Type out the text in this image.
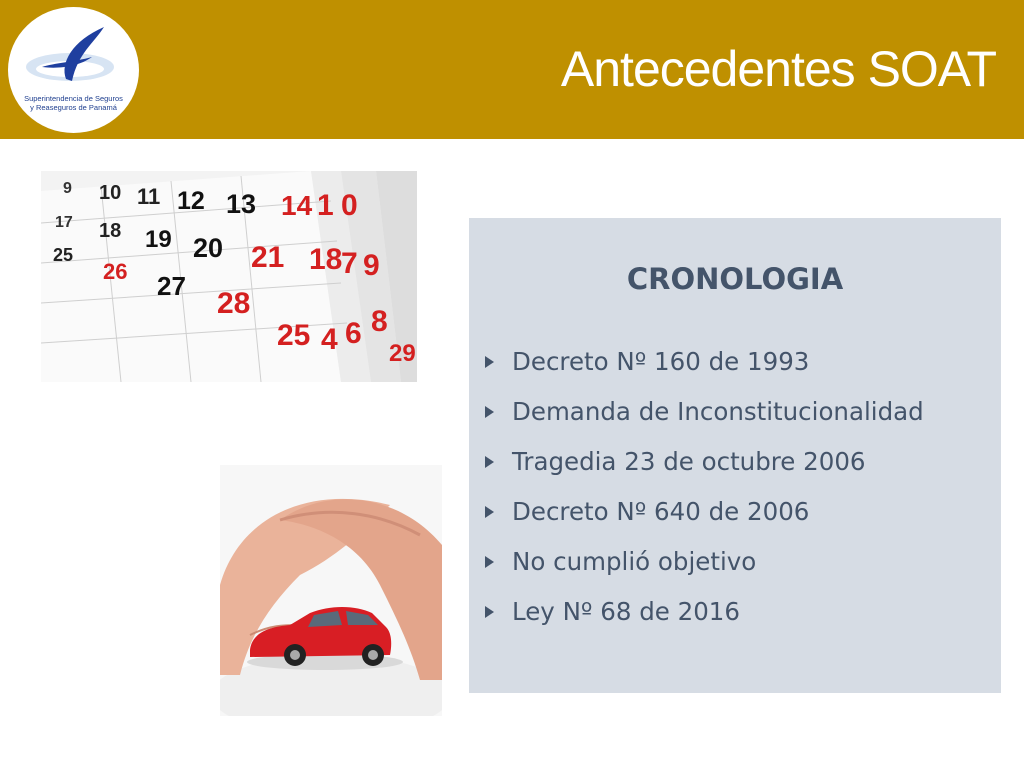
Superintendencia de Seguros
y Reaseguros de Panamá
Antecedentes SOAT
9 10 11 12 13 14
17 18 19 20 21
25
26 27
28
29
18
7 9
25 4 6 8
1 0
CRONOLOGIA
Decreto Nº 160 de 1993
Demanda de Inconstitucionalidad
Tragedia 23 de octubre 2006
Decreto Nº 640 de 2006
No cumplió objetivo
Ley Nº 68 de 2016
